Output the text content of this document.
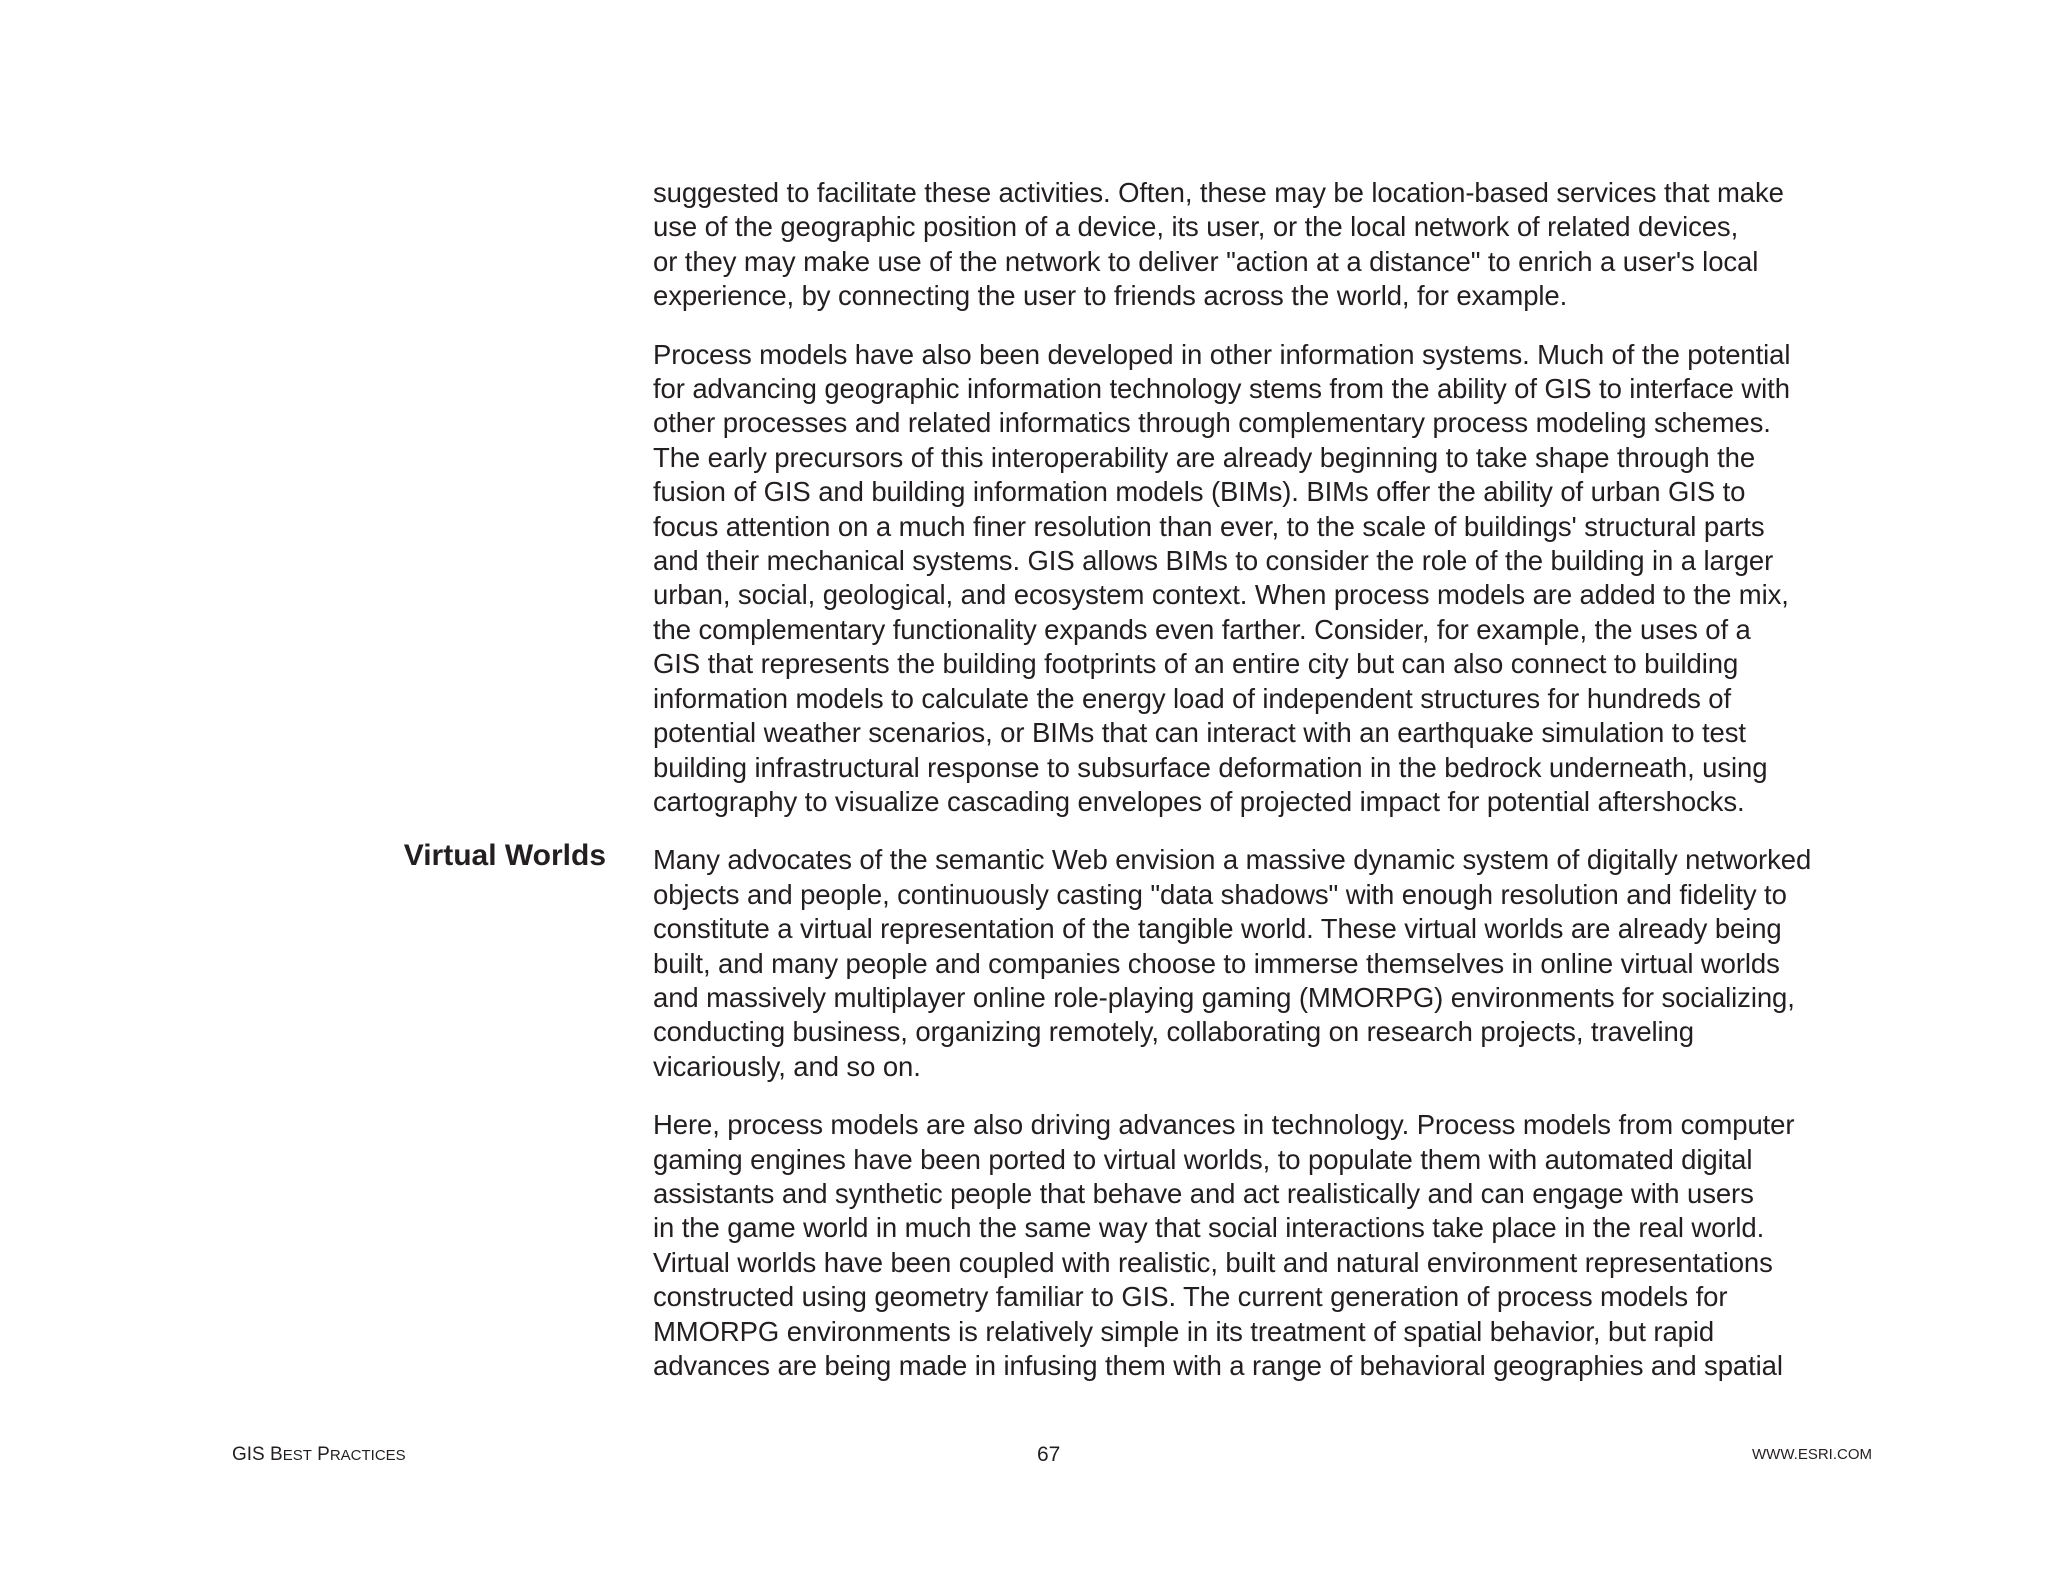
suggested to facilitate these activities. Often, these may be location-based services that make
use of the geographic position of a device, its user, or the local network of related devices,
or they may make use of the network to deliver "action at a distance" to enrich a user's local
experience, by connecting the user to friends across the world, for example.

Process models have also been developed in other information systems. Much of the potential
for advancing geographic information technology stems from the ability of GIS to interface with
other processes and related informatics through complementary process modeling schemes.
The early precursors of this interoperability are already beginning to take shape through the
fusion of GIS and building information models (BIMs). BIMs offer the ability of urban GIS to
focus attention on a much finer resolution than ever, to the scale of buildings' structural parts
and their mechanical systems. GIS allows BIMs to consider the role of the building in a larger
urban, social, geological, and ecosystem context. When process models are added to the mix,
the complementary functionality expands even farther. Consider, for example, the uses of a
GIS that represents the building footprints of an entire city but can also connect to building
information models to calculate the energy load of independent structures for hundreds of
potential weather scenarios, or BIMs that can interact with an earthquake simulation to test
building infrastructural response to subsurface deformation in the bedrock underneath, using
cartography to visualize cascading envelopes of projected impact for potential aftershocks.

Many advocates of the semantic Web envision a massive dynamic system of digitally networked
objects and people, continuously casting "data shadows" with enough resolution and fidelity to
constitute a virtual representation of the tangible world. These virtual worlds are already being
built, and many people and companies choose to immerse themselves in online virtual worlds
and massively multiplayer online role-playing gaming (MMORPG) environments for socializing,
conducting business, organizing remotely, collaborating on research projects, traveling
vicariously, and so on.

Here, process models are also driving advances in technology. Process models from computer
gaming engines have been ported to virtual worlds, to populate them with automated digital
assistants and synthetic people that behave and act realistically and can engage with users
in the game world in much the same way that social interactions take place in the real world.
Virtual worlds have been coupled with realistic, built and natural environment representations
constructed using geometry familiar to GIS. The current generation of process models for
MMORPG environments is relatively simple in its treatment of spatial behavior, but rapid
advances are being made in infusing them with a range of behavioral geographies and spatial

Virtual Worlds
GIS BEST PRACTICES	67	WWW.ESRI.COM
